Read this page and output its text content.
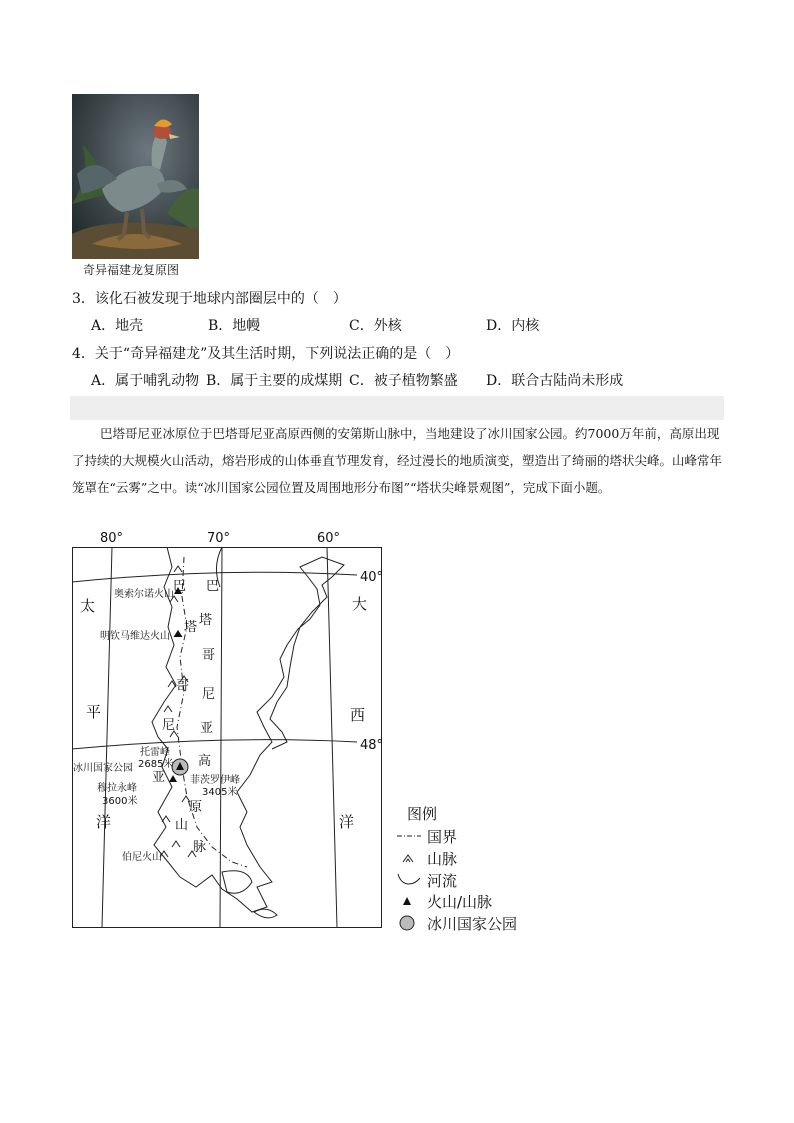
奇异福建龙复原图
3．该化石被发现于地球内部圈层中的（　）
A．地壳	B．地幔	C．外核	D．内核
4．关于“奇异福建龙”及其生活时期，下列说法正确的是（　）
A．属于哺乳动物 B．属于主要的成煤期 C．被子植物繁盛 D．联合古陆尚未形成
巴塔哥尼亚冰原位于巴塔哥尼亚高原西侧的安第斯山脉中，当地建设了冰川国家公园。约7000万年前，高原出现了持续的大规模火山活动，熔岩形成的山体垂直节理发育，经过漫长的地质演变，塑造出了绮丽的塔状尖峰。山峰常年笼罩在“云雾”之中。读“冰川国家公园位置及周围地形分布图”“塔状尖峰景观图”，完成下面小题。
80°	70°	60°
40°
48°
太
平
洋
大
西
洋
巴
塔
哥
尼
亚
高
原
巴
塔
哥
尼
亚
山
脉
奥索尔诺火山
明钦马维达火山
托雷峰
2685米
冰川国家公园
菲茨罗伊峰
3405米
穆拉永峰
3600米
伯尼火山
图例
国界
山脉
河流
火山/山脉
冰川国家公园
